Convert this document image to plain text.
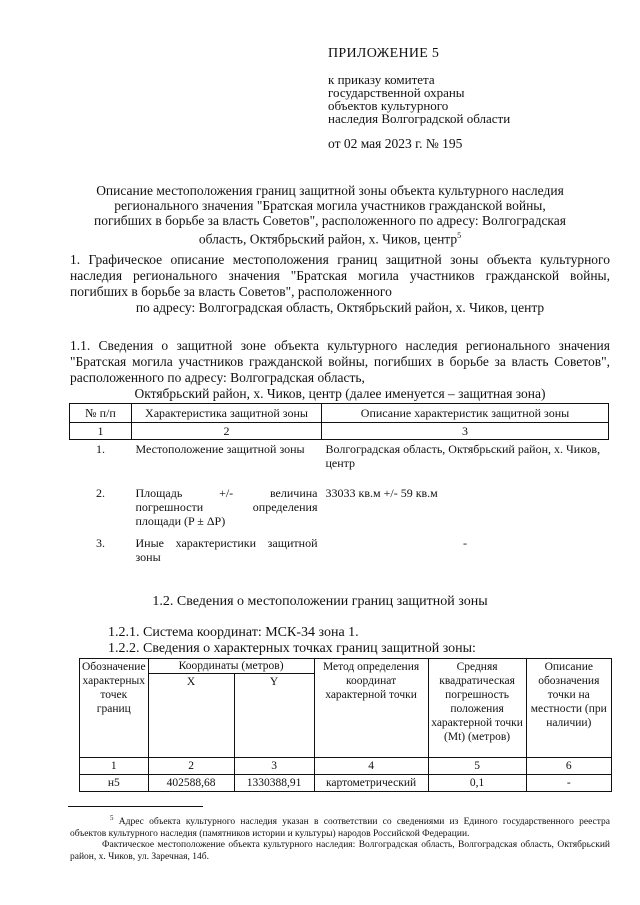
ПРИЛОЖЕНИЕ 5
к приказу комитета
государственной охраны
объектов культурного
наследия Волгоградской области
от 02 мая 2023 г. № 195
Описание местоположения границ защитной зоны объекта культурного наследия
регионального значения "Братская могила участников гражданской войны,
погибших в борьбе за власть Советов", расположенного по адресу: Волгоградская
область, Октябрьский район, х. Чиков, центр$^5$
1. Графическое описание местоположения границ защитной зоны объекта культурного наследия регионального значения "Братская могила участников гражданской войны, погибших в борьбе за власть Советов", расположенного
по адресу: Волгоградская область, Октябрьский район, х. Чиков, центр
1.1. Сведения о защитной зоне объекта культурного наследия регионального значения "Братская могила участников гражданской войны, погибших в борьбе за власть Советов", расположенного по адресу: Волгоградская область,
Октябрьский район, х. Чиков, центр (далее именуется – защитная зона)
№ п/п	Характеристика защитной зоны	Описание характеристик защитной зоны
1	2	3
1.	Местоположение защитной зоны	Волгоградская область, Октябрьский район, х. Чиков, центр
2.	Площадь +/- величина погрешности определения площади (P ± ΔP)	33033 кв.м +/- 59 кв.м
3.	Иные характеристики защитной зоны	-
1.2. Сведения о местоположении границ защитной зоны
1.2.1. Система координат: МСК-34 зона 1.
1.2.2. Сведения о характерных точках границ защитной зоны:
Обозначение характерных точек границ	Координаты (метров)		Метод определения координат характерной точки	Средняя квадратическая погрешность положения характерной точки (Mt) (метров)	Описание обозначения точки на местности (при наличии)
	X	Y			
1	2	3	4	5	6
н5	402588,68	1330388,91	картометрический	0,1	-
$^5$ Адрес объекта культурного наследия указан в соответствии со сведениями из Единого государственного реестра объектов культурного наследия (памятников истории и культуры) народов Российской Федерации.
Фактическое местоположение объекта культурного наследия: Волгоградская область, Волгоградская область, Октябрьский район, х. Чиков, ул. Заречная, 14б.
